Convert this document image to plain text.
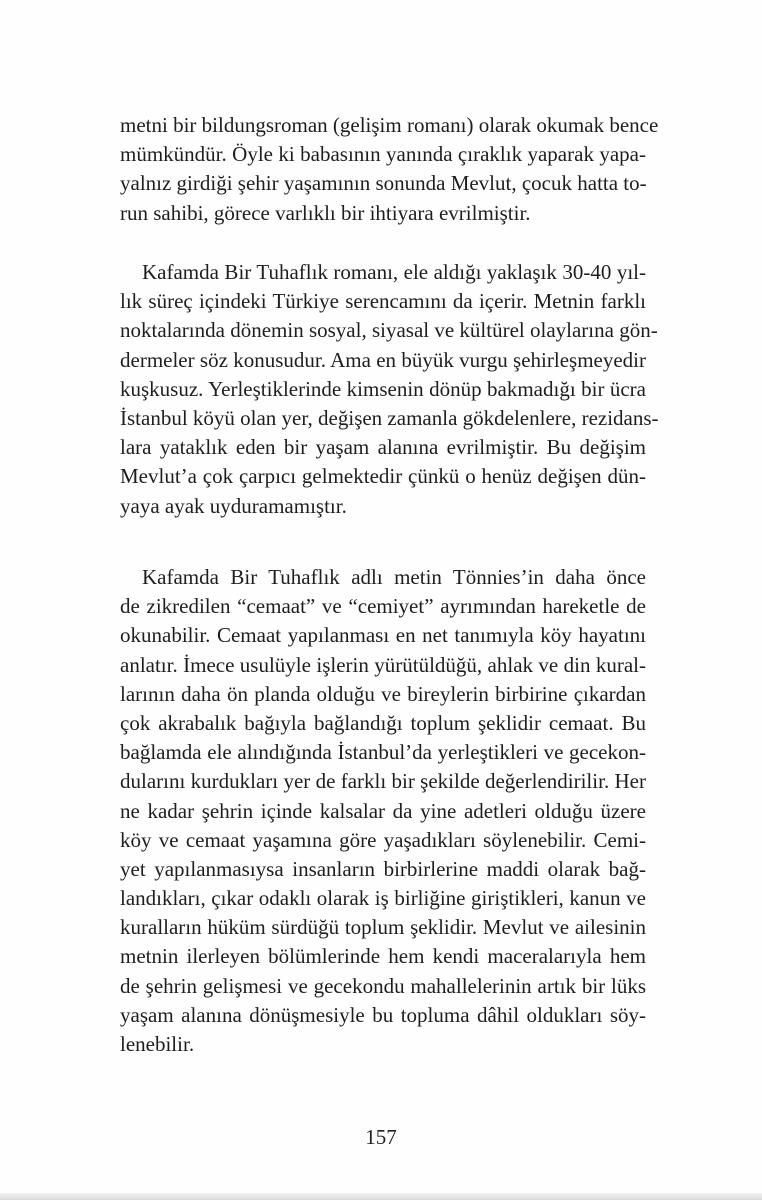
metni bir bildungsroman (gelişim romanı) olarak okumak bence
mümkündür. Öyle ki babasının yanında çıraklık yaparak yapa-
yalnız girdiği şehir yaşamının sonunda Mevlut, çocuk hatta to-
run sahibi, görece varlıklı bir ihtiyara evrilmiştir.
Kafamda Bir Tuhaflık romanı, ele aldığı yaklaşık 30-40 yıl-
lık süreç içindeki Türkiye serencamını da içerir. Metnin farklı
noktalarında dönemin sosyal, siyasal ve kültürel olaylarına gön-
dermeler söz konusudur. Ama en büyük vurgu şehirleşmeyedir
kuşkusuz. Yerleştiklerinde kimsenin dönüp bakmadığı bir ücra
İstanbul köyü olan yer, değişen zamanla gökdelenlere, rezidans-
lara yataklık eden bir yaşam alanına evrilmiştir. Bu değişim
Mevlut’a çok çarpıcı gelmektedir çünkü o henüz değişen dün-
yaya ayak uyduramamıştır.
Kafamda Bir Tuhaflık adlı metin Tönnies’in daha önce
de zikredilen “cemaat” ve “cemiyet” ayrımından hareketle de
okunabilir. Cemaat yapılanması en net tanımıyla köy hayatını
anlatır. İmece usulüyle işlerin yürütüldüğü, ahlak ve din kural-
larının daha ön planda olduğu ve bireylerin birbirine çıkardan
çok akrabalık bağıyla bağlandığı toplum şeklidir cemaat. Bu
bağlamda ele alındığında İstanbul’da yerleştikleri ve gecekon-
dularını kurdukları yer de farklı bir şekilde değerlendirilir. Her
ne kadar şehrin içinde kalsalar da yine adetleri olduğu üzere
köy ve cemaat yaşamına göre yaşadıkları söylenebilir. Cemi-
yet yapılanmasıysa insanların birbirlerine maddi olarak bağ-
landıkları, çıkar odaklı olarak iş birliğine giriştikleri, kanun ve
kuralların hüküm sürdüğü toplum şeklidir. Mevlut ve ailesinin
metnin ilerleyen bölümlerinde hem kendi maceralarıyla hem
de şehrin gelişmesi ve gecekondu mahallelerinin artık bir lüks
yaşam alanına dönüşmesiyle bu topluma dâhil oldukları söy-
lenebilir.
157
